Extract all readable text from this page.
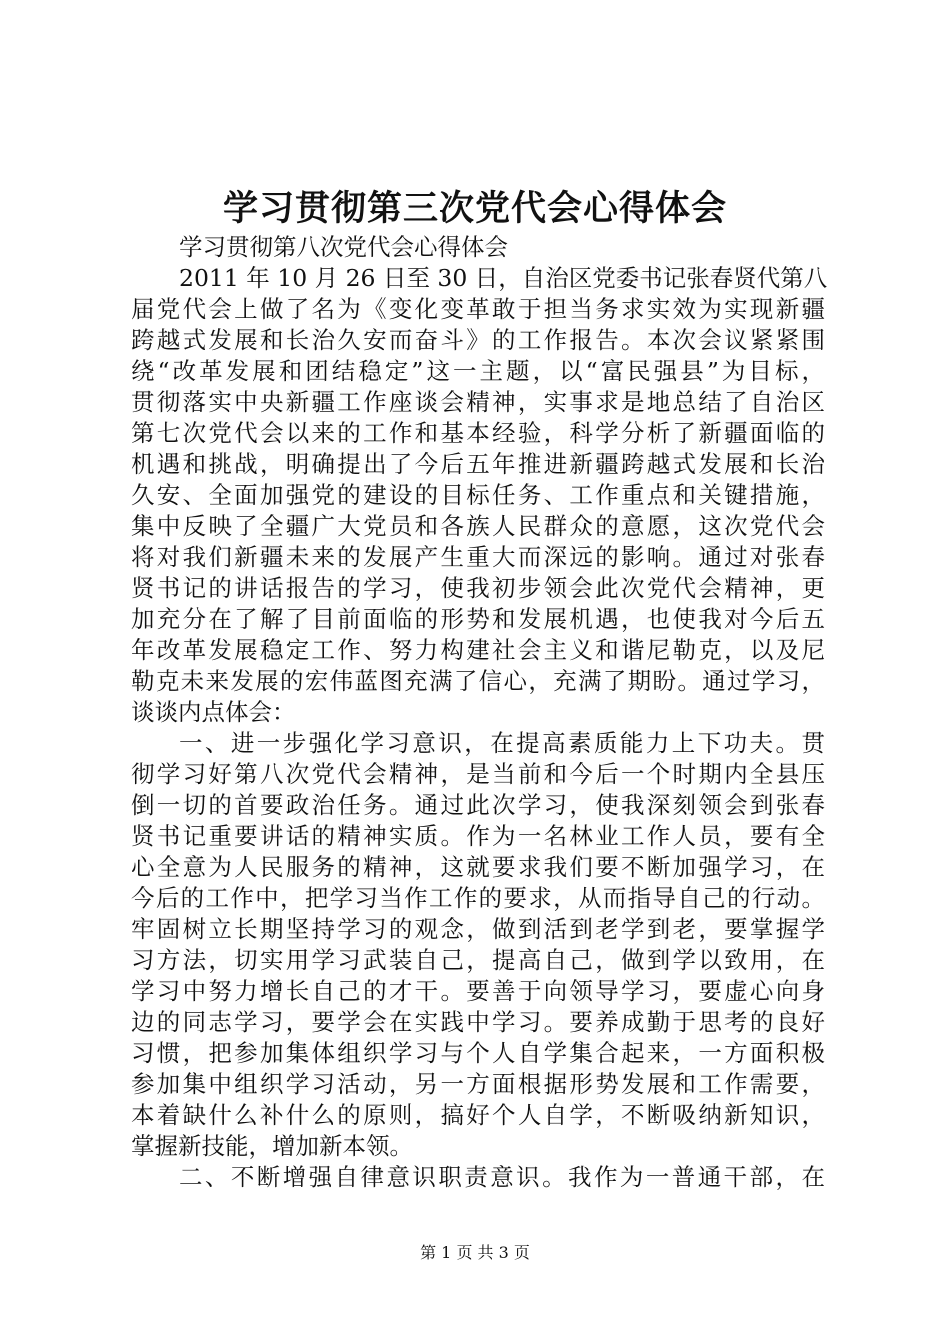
学习贯彻第三次党代会心得体会
学习贯彻第八次党代会心得体会
2011 年 10 月 26 日至 30 日，自治区党委书记张春贤代第八
届党代会上做了名为《变化变革敢于担当务求实效为实现新疆
跨越式发展和长治久安而奋斗》的工作报告。本次会议紧紧围
绕“改革发展和团结稳定”这一主题，以“富民强县”为目标，
贯彻落实中央新疆工作座谈会精神，实事求是地总结了自治区
第七次党代会以来的工作和基本经验，科学分析了新疆面临的
机遇和挑战，明确提出了今后五年推进新疆跨越式发展和长治
久安、全面加强党的建设的目标任务、工作重点和关键措施，
集中反映了全疆广大党员和各族人民群众的意愿，这次党代会
将对我们新疆未来的发展产生重大而深远的影响。通过对张春
贤书记的讲话报告的学习，使我初步领会此次党代会精神，更
加充分在了解了目前面临的形势和发展机遇，也使我对今后五
年改革发展稳定工作、努力构建社会主义和谐尼勒克，以及尼
勒克未来发展的宏伟蓝图充满了信心，充满了期盼。通过学习，
谈谈内点体会：
一、进一步强化学习意识，在提高素质能力上下功夫。贯
彻学习好第八次党代会精神，是当前和今后一个时期内全县压
倒一切的首要政治任务。通过此次学习，使我深刻领会到张春
贤书记重要讲话的精神实质。作为一名林业工作人员，要有全
心全意为人民服务的精神，这就要求我们要不断加强学习，在
今后的工作中，把学习当作工作的要求，从而指导自己的行动。
牢固树立长期坚持学习的观念，做到活到老学到老，要掌握学
习方法，切实用学习武装自己，提高自己，做到学以致用，在
学习中努力增长自己的才干。要善于向领导学习，要虚心向身
边的同志学习，要学会在实践中学习。要养成勤于思考的良好
习惯，把参加集体组织学习与个人自学集合起来，一方面积极
参加集中组织学习活动，另一方面根据形势发展和工作需要，
本着缺什么补什么的原则，搞好个人自学，不断吸纳新知识，
掌握新技能，增加新本领。
二、不断增强自律意识职责意识。我作为一普通干部，在
第 1 页 共 3 页
